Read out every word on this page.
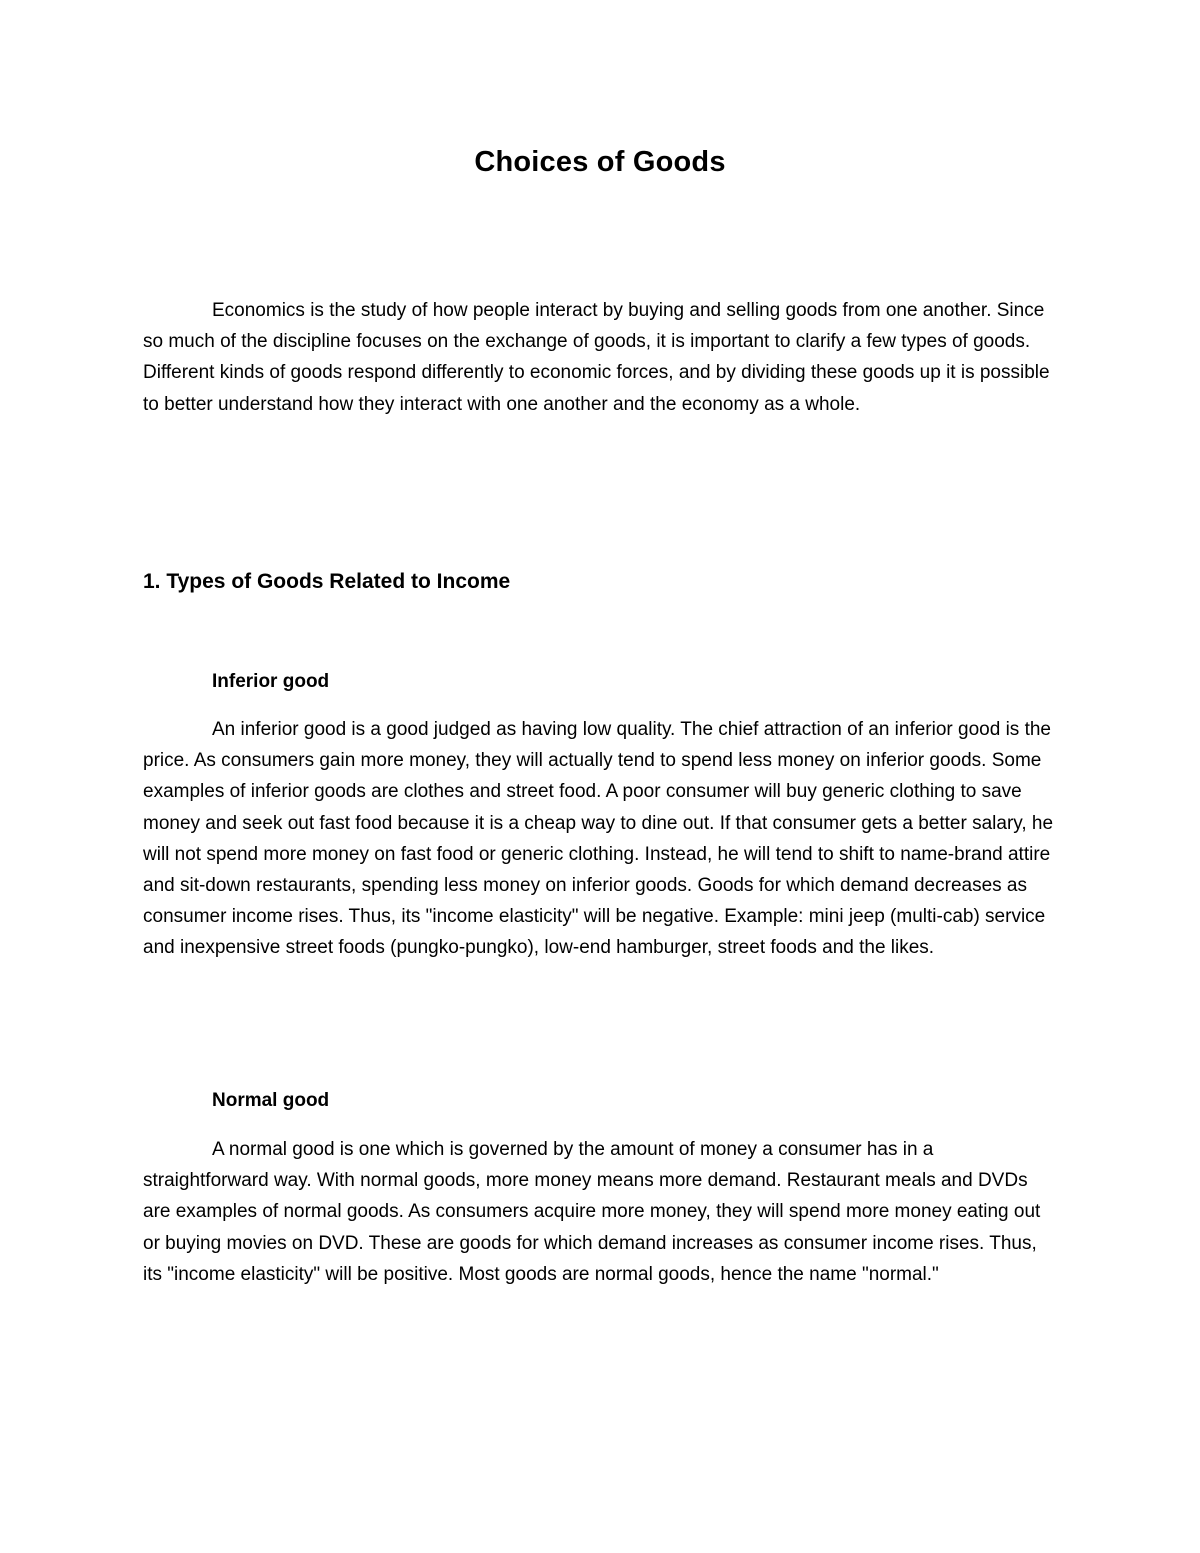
Choices of Goods

Economics is the study of how people interact by buying and selling goods from one another. Since so much of the discipline focuses on the exchange of goods, it is important to clarify a few types of goods. Different kinds of goods respond differently to economic forces, and by dividing these goods up it is possible to better understand how they interact with one another and the economy as a whole.

1. Types of Goods Related to Income
Inferior good

An inferior good is a good judged as having low quality. The chief attraction of an inferior good is the price. As consumers gain more money, they will actually tend to spend less money on inferior goods. Some examples of inferior goods are clothes and street food. A poor consumer will buy generic clothing to save money and seek out fast food because it is a cheap way to dine out. If that consumer gets a better salary, he will not spend more money on fast food or generic clothing. Instead, he will tend to shift to name-brand attire and sit-down restaurants, spending less money on inferior goods. Goods for which demand decreases as consumer income rises. Thus, its "income elasticity" will be negative. Example: mini jeep (multi-cab) service and inexpensive street foods (pungko-pungko), low-end hamburger, street foods and the likes.

Normal good

A normal good is one which is governed by the amount of money a consumer has in a straightforward way. With normal goods, more money means more demand. Restaurant meals and DVDs are examples of normal goods. As consumers acquire more money, they will spend more money eating out or buying movies on DVD. These are goods for which demand increases as consumer income rises. Thus, its "income elasticity" will be positive. Most goods are normal goods, hence the name "normal."
